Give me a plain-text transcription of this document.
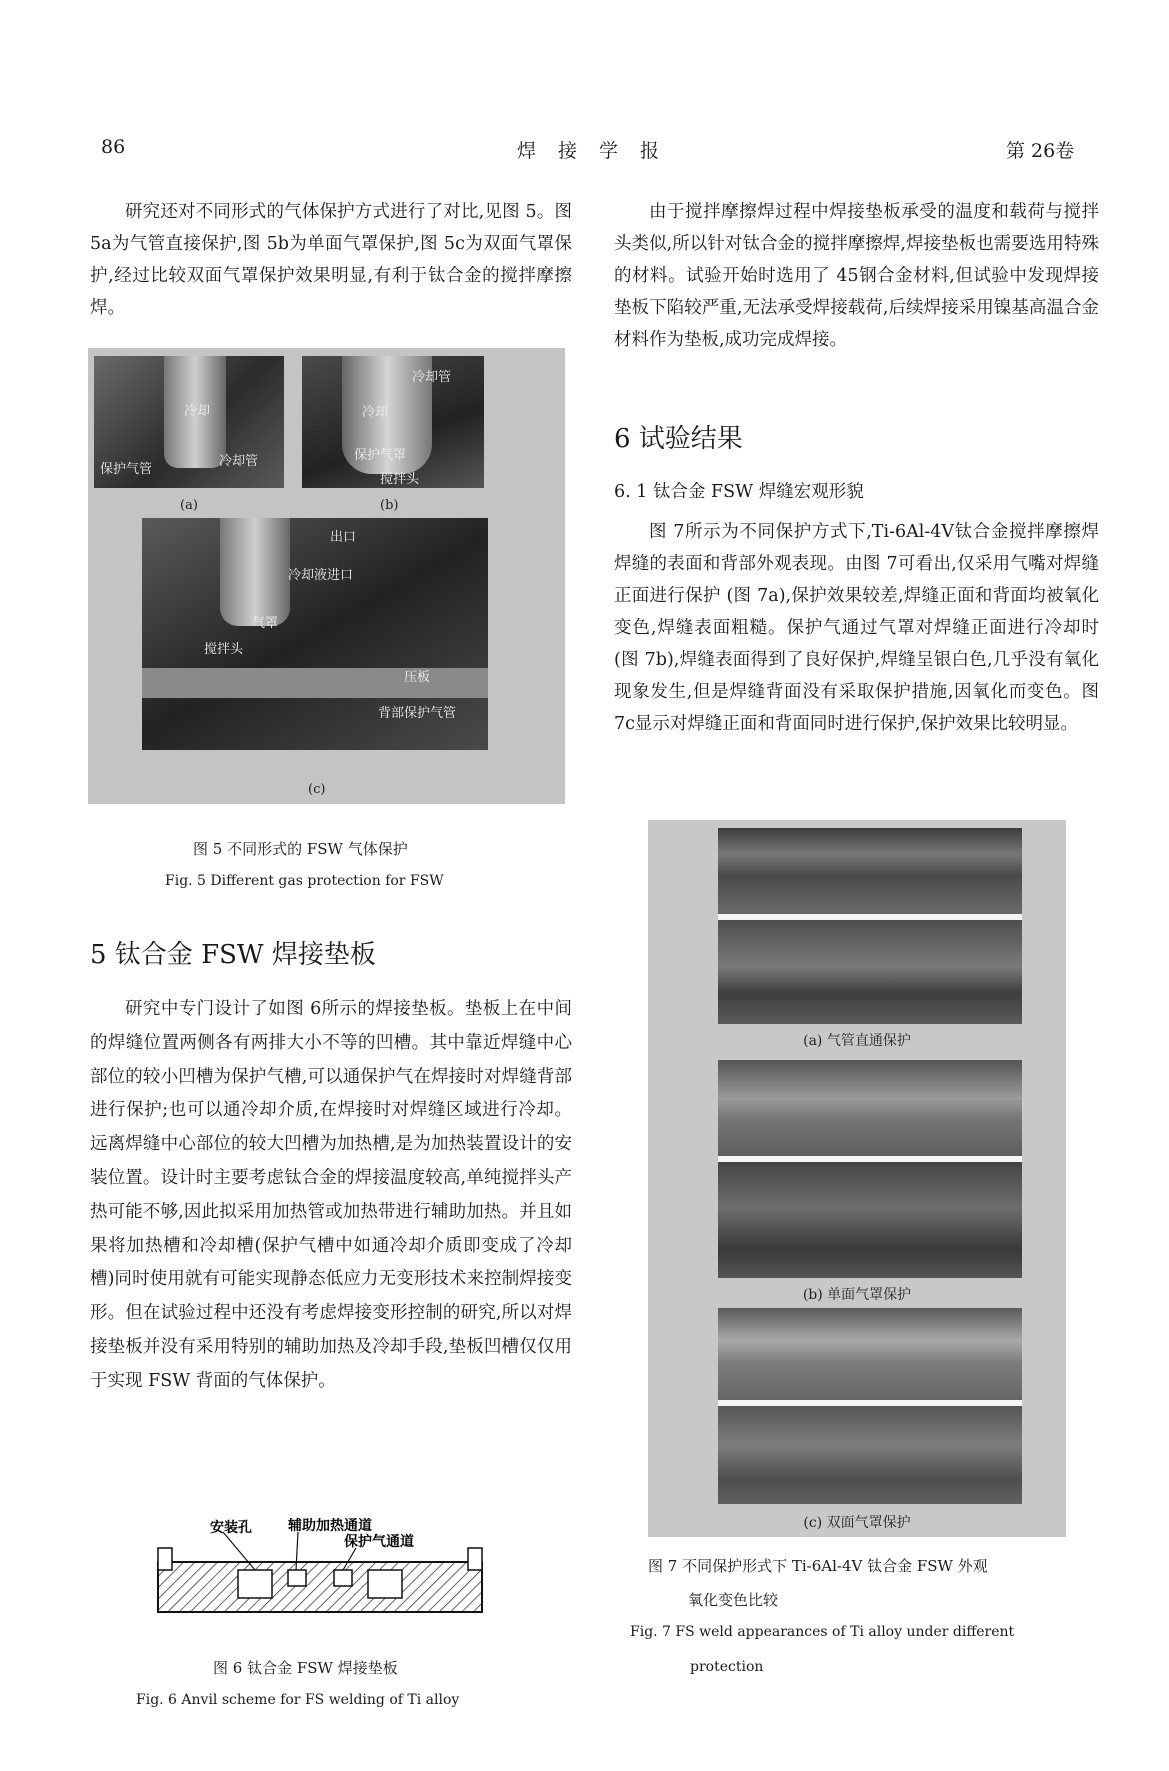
86	焊接学报	第 26卷

研究还对不同形式的气体保护方式进行了对比,见图 5。图 5a为气管直接保护,图 5b为单面气罩保护,图 5c为双面气罩保护,经过比较双面气罩保护效果明显,有利于钛合金的搅拌摩擦焊。

冷却
冷却管
保护气管
(a)
冷却管
冷却
保护气罩
搅拌头
(b)
出口
冷却液进口
气罩
搅拌头
压板
背部保护气管
(c)
图 5 不同形式的 FSW 气体保护
Fig. 5 Different gas protection for FSW
5 钛合金 FSW 焊接垫板

研究中专门设计了如图 6所示的焊接垫板。垫板上在中间的焊缝位置两侧各有两排大小不等的凹槽。其中靠近焊缝中心部位的较小凹槽为保护气槽,可以通保护气在焊接时对焊缝背部进行保护;也可以通冷却介质,在焊接时对焊缝区域进行冷却。远离焊缝中心部位的较大凹槽为加热槽,是为加热装置设计的安装位置。设计时主要考虑钛合金的焊接温度较高,单纯搅拌头产热可能不够,因此拟采用加热管或加热带进行辅助加热。并且如果将加热槽和冷却槽(保护气槽中如通冷却介质即变成了冷却槽)同时使用就有可能实现静态低应力无变形技术来控制焊接变形。但在试验过程中还没有考虑焊接变形控制的研究,所以对焊接垫板并没有采用特别的辅助加热及冷却手段,垫板凹槽仅仅用于实现 FSW 背面的气体保护。

安装孔	辅助加热通道
保护气通道
图 6 钛合金 FSW 焊接垫板
Fig. 6 Anvil scheme for FS welding of Ti alloy

由于搅拌摩擦焊过程中焊接垫板承受的温度和载荷与搅拌头类似,所以针对钛合金的搅拌摩擦焊,焊接垫板也需要选用特殊的材料。试验开始时选用了 45钢合金材料,但试验中发现焊接垫板下陷较严重,无法承受焊接载荷,后续焊接采用镍基高温合金材料作为垫板,成功完成焊接。

6 试验结果
6. 1 钛合金 FSW 焊缝宏观形貌

图 7所示为不同保护方式下,Ti-6Al-4V钛合金搅拌摩擦焊焊缝的表面和背部外观表现。由图 7可看出,仅采用气嘴对焊缝正面进行保护 (图 7a),保护效果较差,焊缝正面和背面均被氧化变色,焊缝表面粗糙。保护气通过气罩对焊缝正面进行冷却时 (图 7b),焊缝表面得到了良好保护,焊缝呈银白色,几乎没有氧化现象发生,但是焊缝背面没有采取保护措施,因氧化而变色。图 7c显示对焊缝正面和背面同时进行保护,保护效果比较明显。

(a) 气管直通保护
(b) 单面气罩保护
(c) 双面气罩保护
图 7 不同保护形式下 Ti-6Al-4V 钛合金 FSW 外观
氧化变色比较
Fig. 7 FS weld appearances of Ti alloy under different
protection
